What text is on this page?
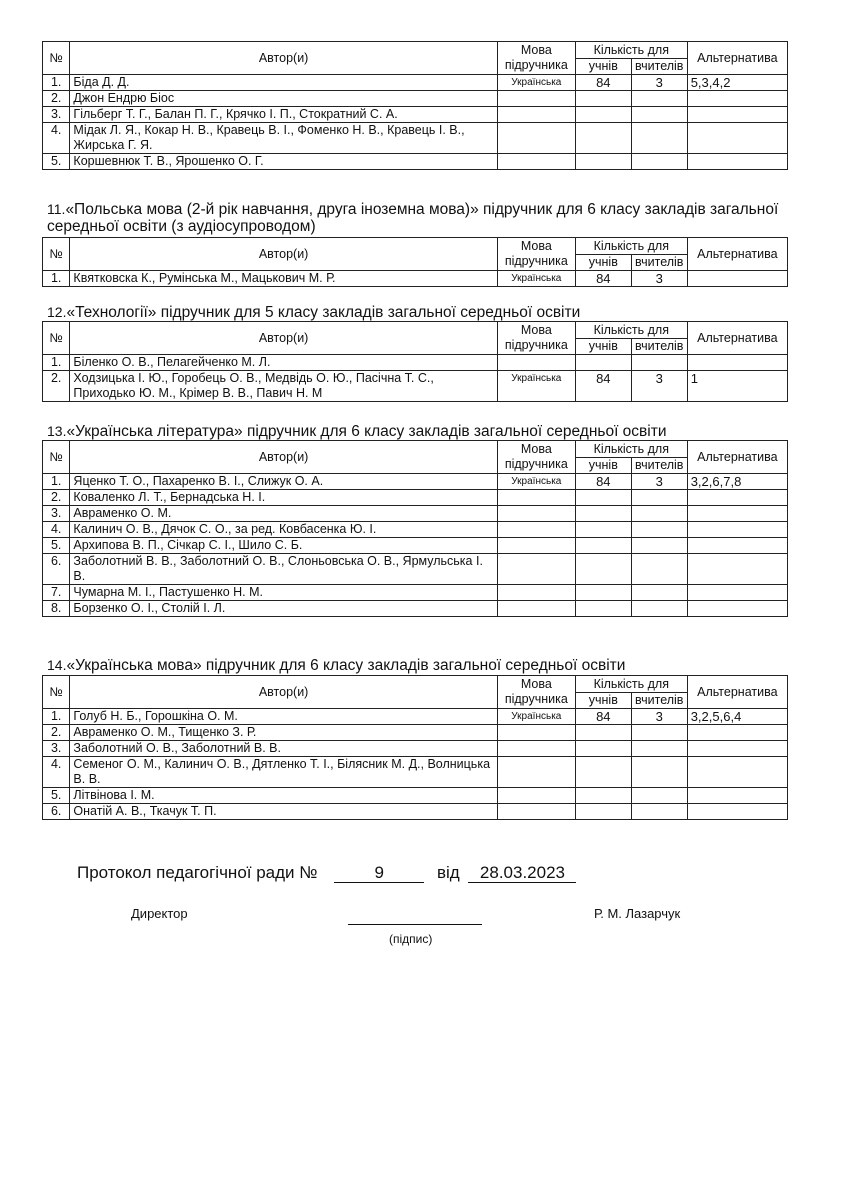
№	Автор(и)	Мова підручника	Кількість для		Альтернатива
			учнів	вчителів	
1.	Біда Д. Д.	Українська	84	3	5,3,4,2
2.	Джон Ендрю Біос				
3.	Гільберг Т. Г., Балан П. Г., Крячко І. П., Стократний С. А.				
4.	Мідак Л. Я., Кокар Н. В., Кравець В. І., Фоменко Н. В., Кравець І. В., Жирська Г. Я.				
5.	Коршевнюк Т. В., Ярошенко О. Г.				
11.«Польська мова (2-й рік навчання, друга іноземна мова)» підручник для 6 класу закладів загальної середньої освіти (з аудіосупроводом)
№	Автор(и)	Мова підручника	Кількість для		Альтернатива
			учнів	вчителів	
1.	Квятковска К., Румінська М., Мацькович М. Р.	Українська	84	3	
12.«Технології» підручник для 5 класу закладів загальної середньої освіти
№	Автор(и)	Мова підручника	Кількість для		Альтернатива
			учнів	вчителів	
1.	Біленко О. В., Пелагейченко М. Л.				
2.	Ходзицька І. Ю., Горобець О. В., Медвідь О. Ю., Пасічна Т. С., Приходько Ю. М., Крімер В. В., Павич Н. М	Українська	84	3	1
13.«Українська література» підручник для 6 класу закладів загальної середньої освіти
№	Автор(и)	Мова підручника	Кількість для		Альтернатива
			учнів	вчителів	
1.	Яценко Т. О., Пахаренко В. І., Слижук О. А.	Українська	84	3	3,2,6,7,8
2.	Коваленко Л. Т., Бернадська Н. І.				
3.	Авраменко О. М.				
4.	Калинич О. В., Дячок С. О., за ред. Ковбасенка Ю. І.				
5.	Архипова В. П., Січкар С. І., Шило С. Б.				
6.	Заболотний В. В., Заболотний О. В., Слоньовська О. В., Ярмульська І. В.				
7.	Чумарна М. І., Пастушенко Н. М.				
8.	Борзенко О. І., Столій І. Л.				
14.«Українська мова» підручник для 6 класу закладів загальної середньої освіти
№	Автор(и)	Мова підручника	Кількість для		Альтернатива
			учнів	вчителів	
1.	Голуб Н. Б., Горошкіна О. М.	Українська	84	3	3,2,5,6,4
2.	Авраменко О. М., Тищенко З. Р.				
3.	Заболотний О. В., Заболотний В. В.				
4.	Семеног О. М., Калинич О. В., Дятленко Т. І., Білясник М. Д., Волницька В. В.				
5.	Літвінова І. М.				
6.	Онатій А. В., Ткачук Т. П.				
Протокол педагогічної ради №	9	від 28.03.2023
Директор
(підпис)
Р. М. Лазарчук
